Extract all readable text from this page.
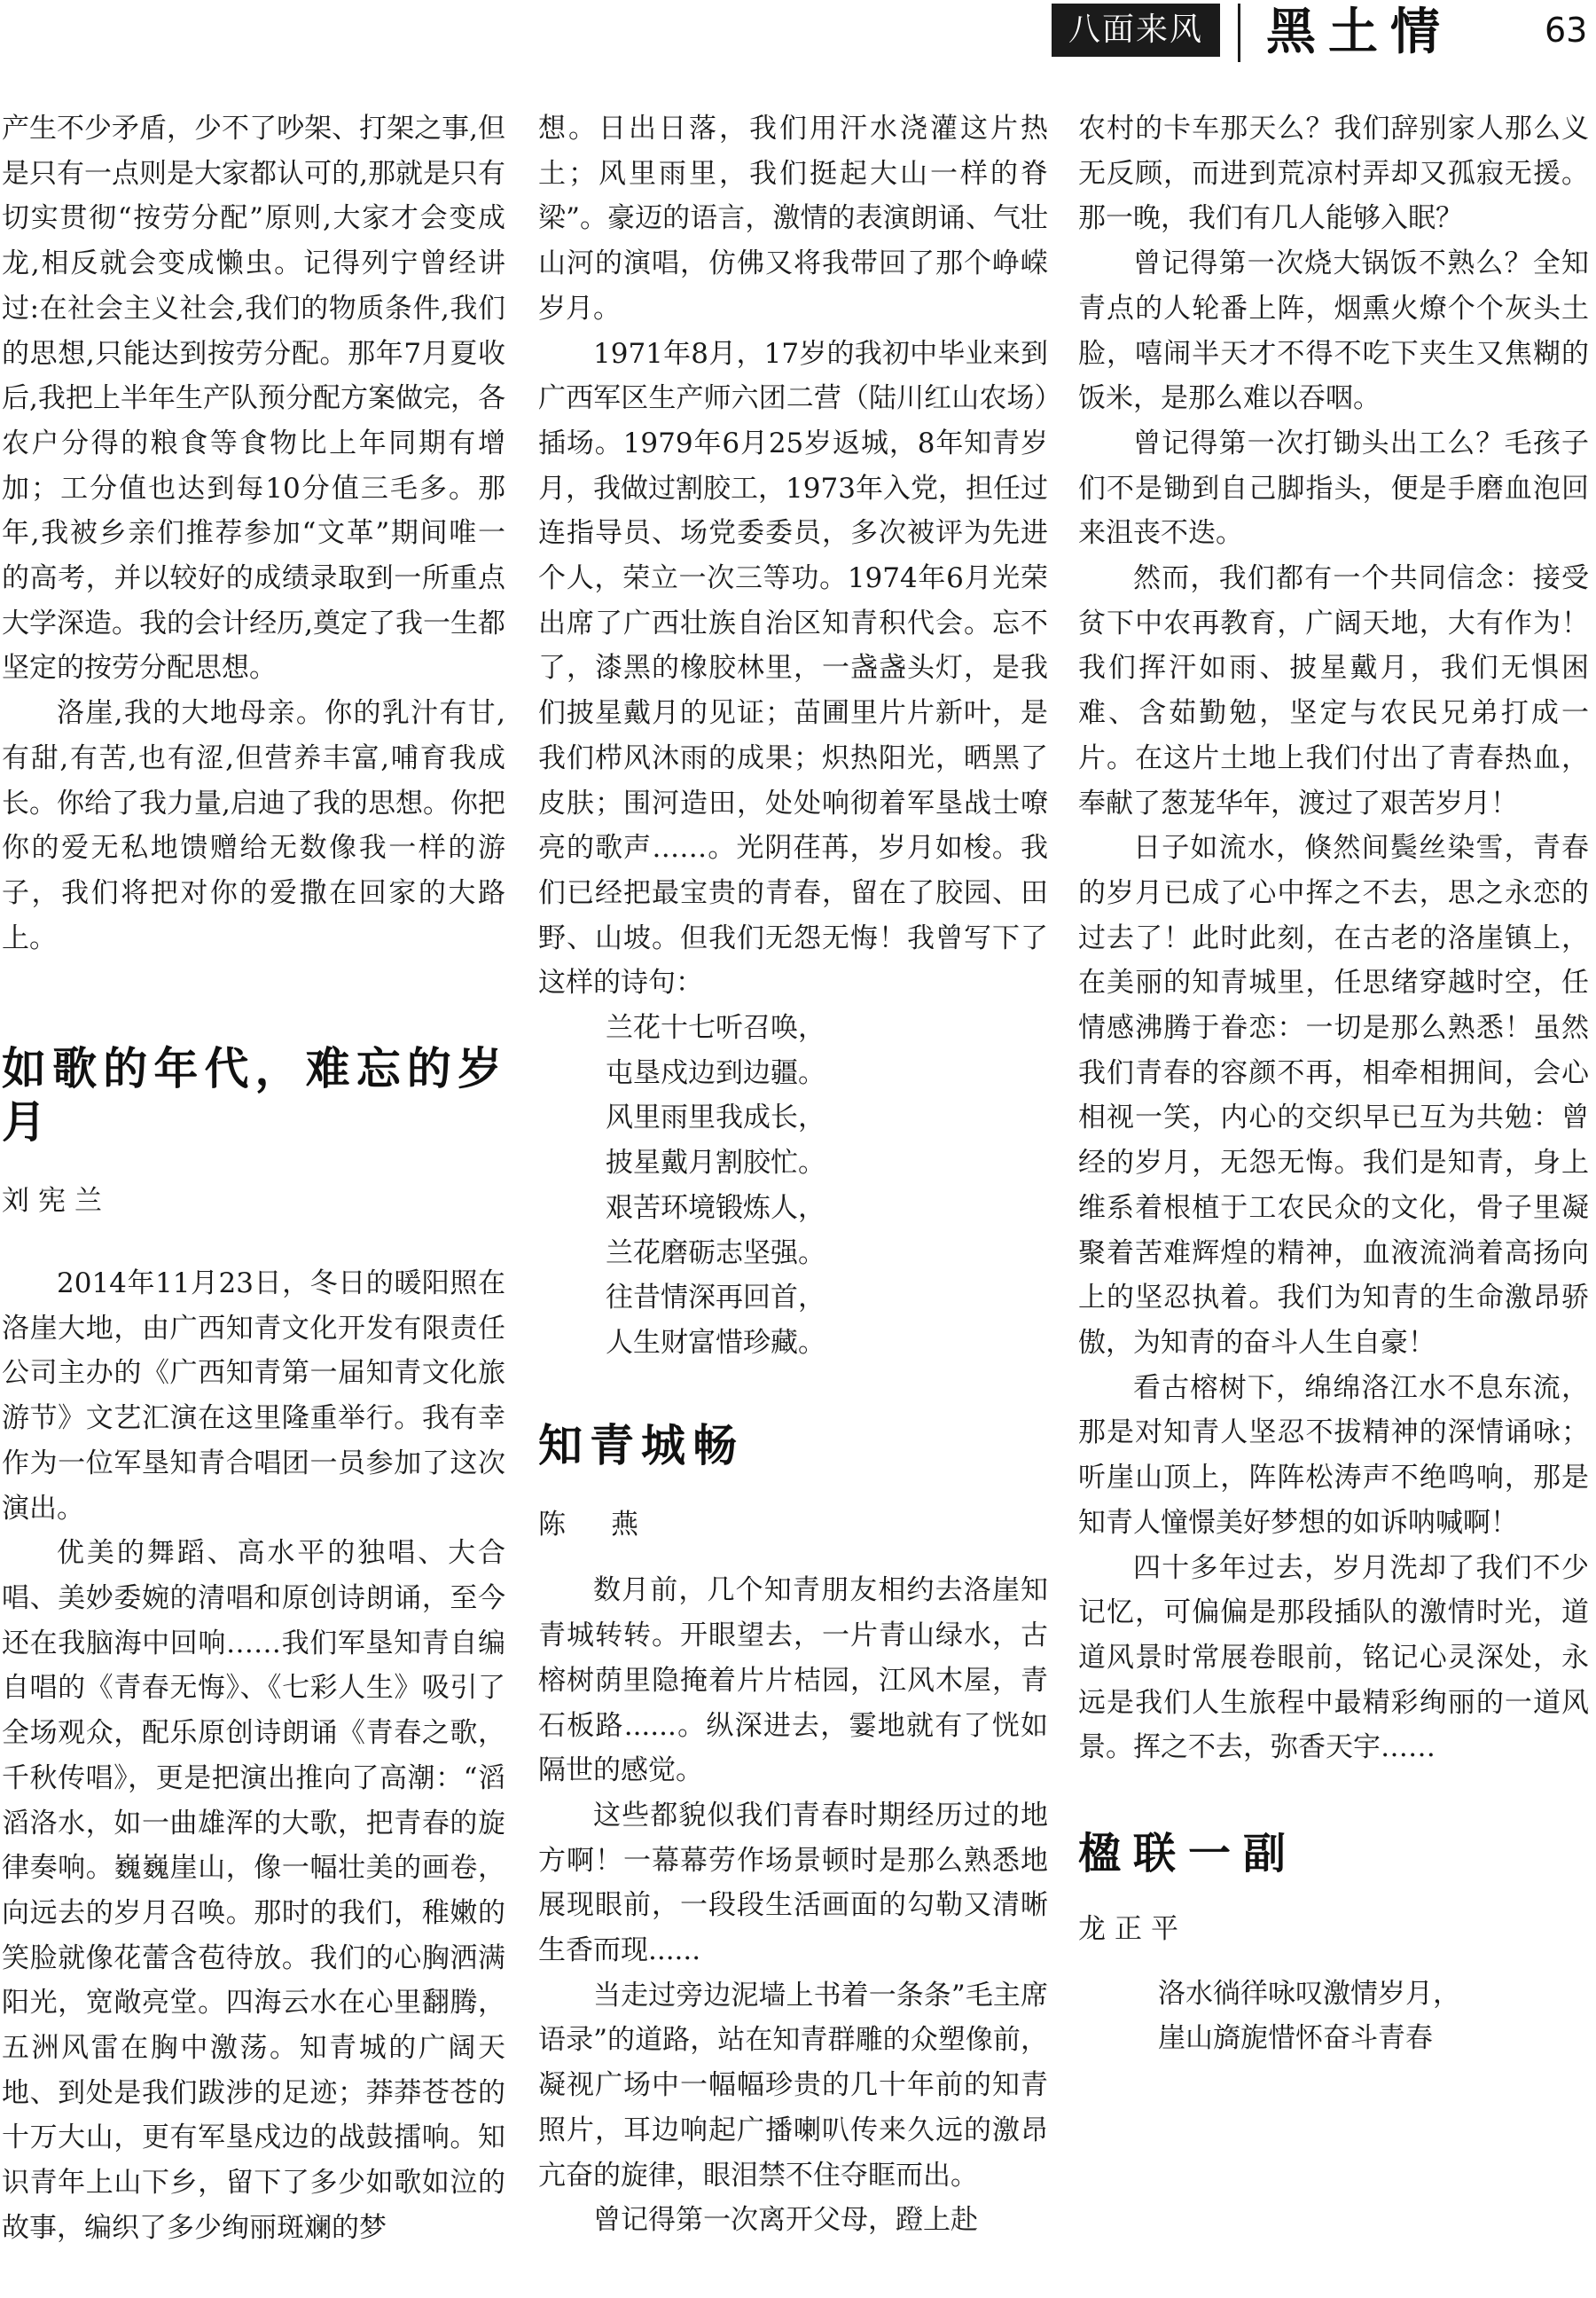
八面来风	黑土情	63

产生不少矛盾，少不了吵架、打架之事,但是只有一点则是大家都认可的,那就是只有切实贯彻“按劳分配”原则,大家才会变成龙,相反就会变成懒虫。记得列宁曾经讲过:在社会主义社会,我们的物质条件,我们的思想,只能达到按劳分配。那年7月夏收后,我把上半年生产队预分配方案做完，各农户分得的粮食等食物比上年同期有增加；工分值也达到每10分值三毛多。那年,我被乡亲们推荐参加“文革”期间唯一的高考，并以较好的成绩录取到一所重点大学深造。我的会计经历,奠定了我一生都坚定的按劳分配思想。

洛崖,我的大地母亲。你的乳汁有甘,有甜,有苦,也有涩,但营养丰富,哺育我成长。你给了我力量,启迪了我的思想。你把你的爱无私地馈赠给无数像我一样的游子，我们将把对你的爱撒在回家的大路上。

如歌的年代，难忘的岁月

刘宪兰

2014年11月23日，冬日的暖阳照在洛崖大地，由广西知青文化开发有限责任公司主办的《广西知青第一届知青文化旅游节》文艺汇演在这里隆重举行。我有幸作为一位军垦知青合唱团一员参加了这次演出。

优美的舞蹈、高水平的独唱、大合唱、美妙委婉的清唱和原创诗朗诵，至今还在我脑海中回响……我们军垦知青自编自唱的《青春无悔》、《七彩人生》吸引了全场观众，配乐原创诗朗诵《青春之歌，千秋传唱》，更是把演出推向了高潮：“滔滔洛水，如一曲雄浑的大歌，把青春的旋律奏响。巍巍崖山，像一幅壮美的画卷，向远去的岁月召唤。那时的我们，稚嫩的笑脸就像花蕾含苞待放。我们的心胸洒满阳光，宽敞亮堂。四海云水在心里翻腾，五洲风雷在胸中激荡。知青城的广阔天地、到处是我们跋涉的足迹；莽莽苍苍的十万大山，更有军垦戍边的战鼓擂响。知识青年上山下乡，留下了多少如歌如泣的故事，编织了多少绚丽斑斓的梦

想。日出日落，我们用汗水浇灌这片热土；风里雨里，我们挺起大山一样的脊梁”。豪迈的语言，激情的表演朗诵、气壮山河的演唱，仿佛又将我带回了那个峥嵘岁月。

1971年8月，17岁的我初中毕业来到广西军区生产师六团二营（陆川红山农场）插场。1979年6月25岁返城，8年知青岁月，我做过割胶工，1973年入党，担任过连指导员、场党委委员，多次被评为先进个人，荣立一次三等功。1974年6月光荣出席了广西壮族自治区知青积代会。忘不了，漆黑的橡胶林里，一盏盏头灯，是我们披星戴月的见证；苗圃里片片新叶，是我们栉风沐雨的成果；炽热阳光，晒黑了皮肤；围河造田，处处响彻着军垦战士嘹亮的歌声……。光阴荏苒，岁月如梭。我们已经把最宝贵的青春，留在了胶园、田野、山坡。但我们无怨无悔！我曾写下了这样的诗句：

兰花十七听召唤，
屯垦戍边到边疆。
风里雨里我成长，
披星戴月割胶忙。
艰苦环境锻炼人，
兰花磨砺志坚强。
往昔情深再回首，
人生财富惜珍藏。

知青城畅

陈　燕

数月前，几个知青朋友相约去洛崖知青城转转。开眼望去，一片青山绿水，古榕树荫里隐掩着片片桔园，江风木屋，青石板路......。纵深进去，霎地就有了恍如隔世的感觉。

这些都貌似我们青春时期经历过的地方啊！一幕幕劳作场景顿时是那么熟悉地展现眼前，一段段生活画面的勾勒又清晰生香而现......

当走过旁边泥墙上书着一条条”毛主席语录”的道路，站在知青群雕的众塑像前，凝视广场中一幅幅珍贵的几十年前的知青照片，耳边响起广播喇叭传来久远的激昂亢奋的旋律，眼泪禁不住夺眶而出。

曾记得第一次离开父母，蹬上赴

农村的卡车那天么？我们辞别家人那么义无反顾，而进到荒凉村弄却又孤寂无援。那一晚，我们有几人能够入眠？

曾记得第一次烧大锅饭不熟么？全知青点的人轮番上阵，烟熏火燎个个灰头土脸，嘻闹半天才不得不吃下夹生又焦糊的饭米，是那么难以吞咽。

曾记得第一次打锄头出工么？毛孩子们不是锄到自己脚指头，便是手磨血泡回来沮丧不迭。

然而，我们都有一个共同信念：接受贫下中农再教育，广阔天地，大有作为！我们挥汗如雨、披星戴月，我们无惧困难、含茹勤勉，坚定与农民兄弟打成一片。在这片土地上我们付出了青春热血，奉献了葱茏华年，渡过了艰苦岁月！

日子如流水，倏然间鬓丝染雪，青春的岁月已成了心中挥之不去，思之永恋的过去了！此时此刻，在古老的洛崖镇上，在美丽的知青城里，任思绪穿越时空，任情感沸腾于眷恋：一切是那么熟悉！虽然我们青春的容颜不再，相牵相拥间，会心相视一笑，内心的交织早已互为共勉：曾经的岁月，无怨无悔。我们是知青，身上维系着根植于工农民众的文化，骨子里凝聚着苦难辉煌的精神，血液流淌着高扬向上的坚忍执着。我们为知青的生命激昂骄傲，为知青的奋斗人生自豪！

看古榕树下，绵绵洛江水不息东流，那是对知青人坚忍不拔精神的深情诵咏；听崖山顶上，阵阵松涛声不绝鸣响，那是知青人憧憬美好梦想的如诉呐喊啊！

四十多年过去，岁月洗却了我们不少记忆，可偏偏是那段插队的激情时光，道道风景时常展卷眼前，铭记心灵深处，永远是我们人生旅程中最精彩绚丽的一道风景。挥之不去，弥香天宇……

楹联一副

龙正平

洛水徜徉咏叹激情岁月，
崖山旖旎惜怀奋斗青春
